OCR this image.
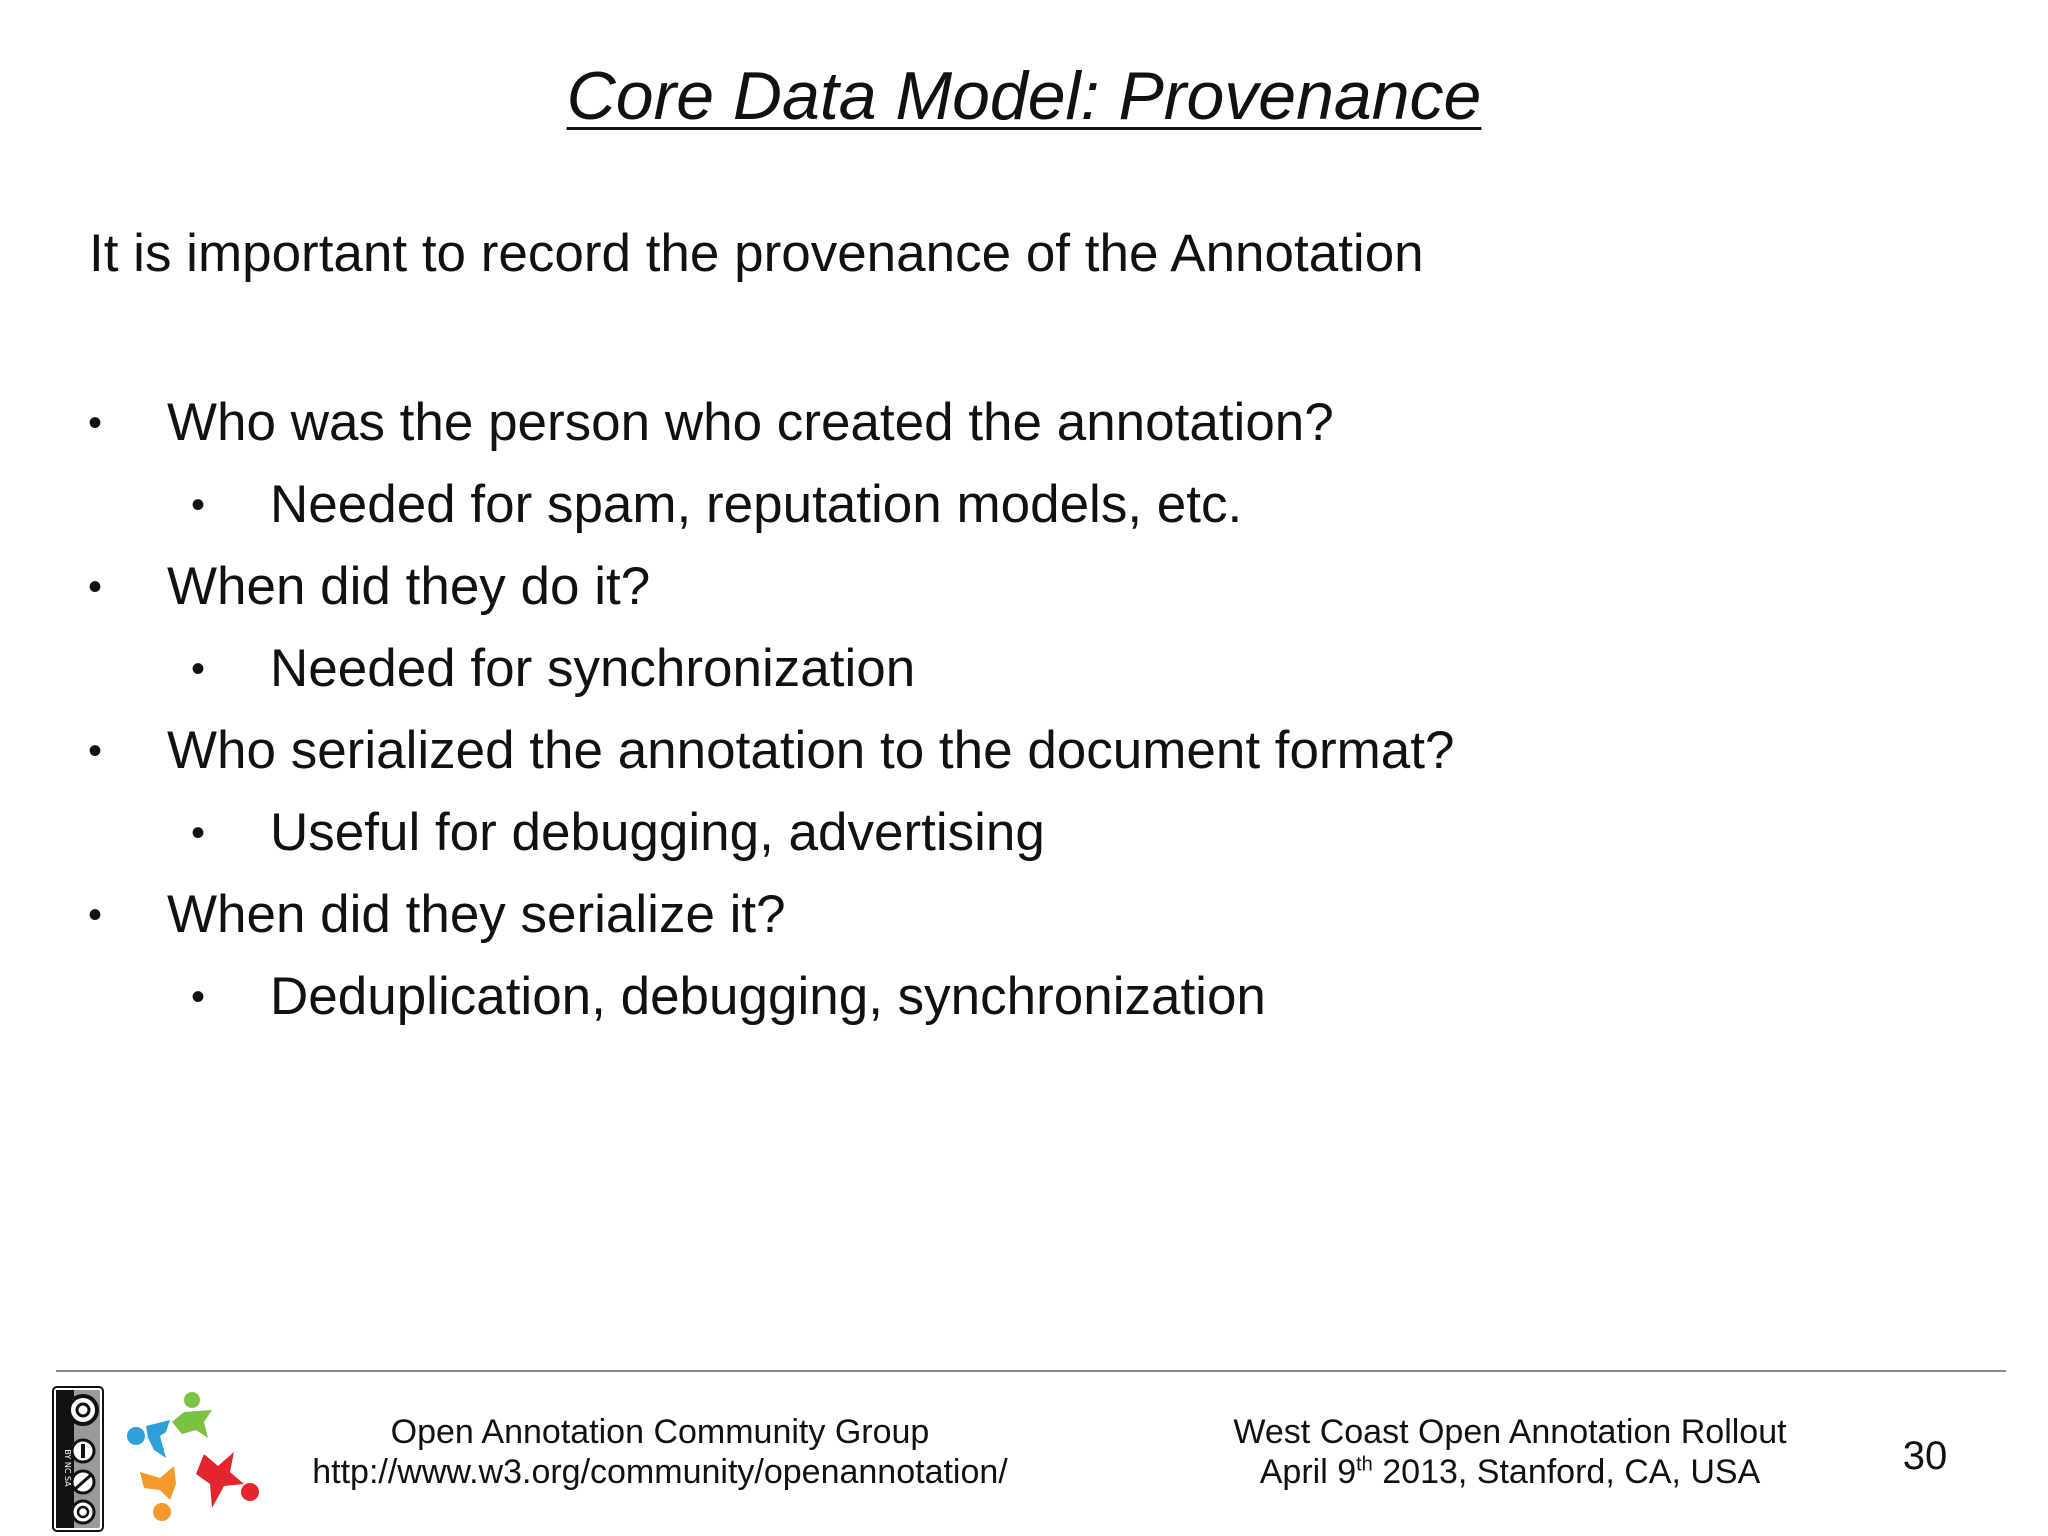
Core Data Model: Provenance

It is important to record the provenance of the Annotation

• Who was the person who created the annotation?
• Needed for spam, reputation models, etc.
• When did they do it?
• Needed for synchronization
• Who serialized the annotation to the document format?
• Useful for debugging, advertising
• When did they serialize it?
• Deduplication, debugging, synchronization
BY NC SA
Open Annotation Community Group
http://www.w3.org/community/openannotation/
West Coast Open Annotation Rollout
April 9th 2013, Stanford, CA, USA	30
